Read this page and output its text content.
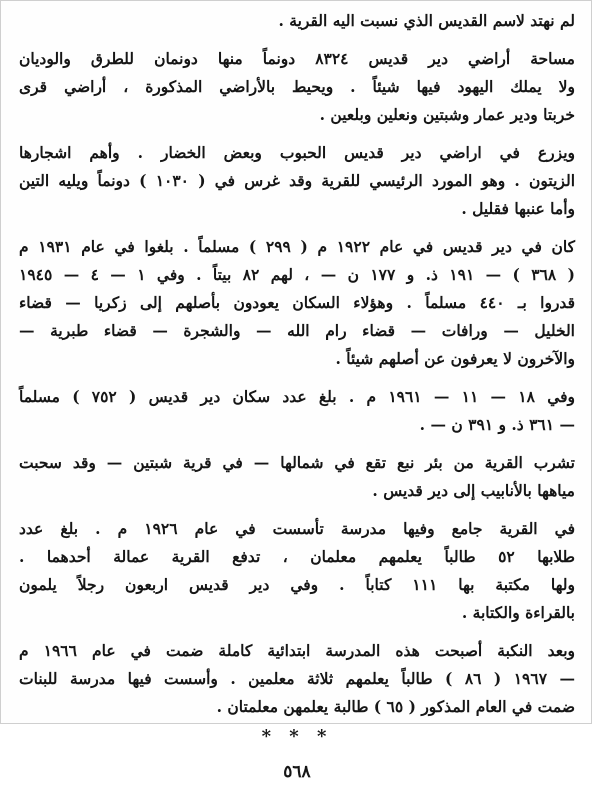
لم نهتد لاسم القديس الذي نسبت اليه القرية .
مساحة أراضي دير قديس ٨٣٢٤ دونماً منها دونمان للطرق والوديان
ولا يملك اليهود فيها شيئاً . ويحيط بالأراضي المذكورة ، أراضي قرى
خربتا ودير عمار وشبتين ونعلين وبلعين .
ويزرع في اراضي دير قديس الحبوب وبعض الخضار . وأهم اشجارها
الزيتون . وهو المورد الرئيسي للقرية وقد غرس في ( ١٠٣٠ ) دونماً ويليه التين
وأما عنبها فقليل .
كان في دير قديس في عام ١٩٢٢ م ( ٢٩٩ ) مسلماً . بلغوا في عام ١٩٣١ م
( ٣٦٨ ) — ١٩١ ذ. و ١٧٧ ن — ، لهم ٨٢ بيتاً . وفي ١ — ٤ — ١٩٤٥
قدروا بـ ٤٤٠ مسلماً . وهؤلاء السكان يعودون بأصلهم إلى زكريا — قضاء
الخليل — ورافات — قضاء رام الله — والشجرة — قضاء طبرية —
والآخرون لا يعرفون عن أصلهم شيئاً .
وفي ١٨ — ١١ — ١٩٦١ م . بلغ عدد سكان دير قديس ( ٧٥٢ ) مسلماً
— ٣٦١ ذ. و ٣٩١ ن — .
تشرب القرية من بئر نبع تقع في شمالها — في قرية شبتين — وقد سحبت
مياهها بالأنابيب إلى دير قديس .
في القرية جامع وفيها مدرسة تأسست في عام ١٩٢٦ م . بلغ عدد
طلابها ٥٢ طالباً يعلمهم معلمان ، تدفع القرية عمالة أحدهما .
ولها مكتبة بها ١١١ كتاباً . وفي دير قديس اربعون رجلاً يلمون
بالقراءة والكتابة .
وبعد النكبة أصبحت هذه المدرسة ابتدائية كاملة ضمت في عام ١٩٦٦ م
— ١٩٦٧ ( ٨٦ ) طالباً يعلمهم ثلاثة معلمين . وأسست فيها مدرسة للبنات
ضمت في العام المذكور ( ٦٥ ) طالبة يعلمهن معلمتان .
* * *
٥٦٨
